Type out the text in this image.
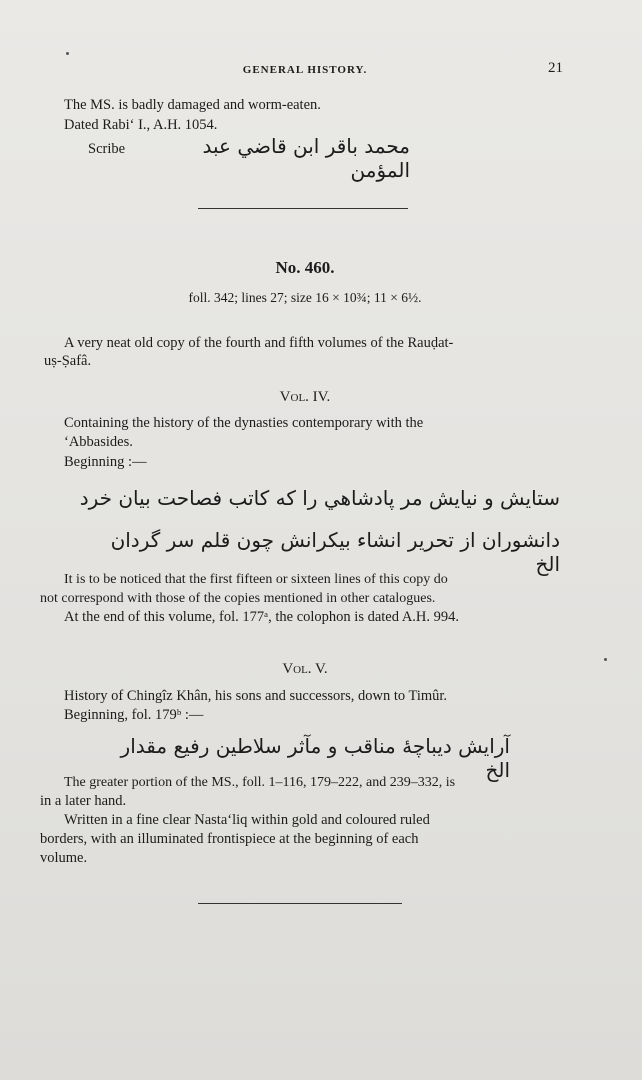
GENERAL HISTORY.	21
The MS. is badly damaged and worm-eaten.
Dated Rabi‘ I., A.H. 1054.
Scribe	محمد باقر ابن قاضي عبد المؤمن
No. 460.
foll. 342; lines 27; size 16 × 10¾; 11 × 6½.
A very neat old copy of the fourth and fifth volumes of the Rauḍat-
uṣ-Ṣafâ.
Vol. IV.
Containing the history of the dynasties contemporary with the
‘Abbasides.
Beginning :—
ستايش و نيايش مر پادشاهي را كه كاتب فصاحت بيان خرد
دانشوران از تحرير انشاء بيكرانش چون قلم سر گردان الخ
It is to be noticed that the first fifteen or sixteen lines of this copy do
not correspond with those of the copies mentioned in other catalogues.
At the end of this volume, fol. 177ᵃ, the colophon is dated A.H. 994.
Vol. V.
History of Chingîz Khân, his sons and successors, down to Timûr.
Beginning, fol. 179ᵇ :—
آرايش ديباچهٔ مناقب و مآثر سلاطين رفيع مقدار الخ
The greater portion of the MS., foll. 1–116, 179–222, and 239–332, is
in a later hand.
Written in a fine clear Nasta‘liq within gold and coloured ruled
borders, with an illuminated frontispiece at the beginning of each
volume.
